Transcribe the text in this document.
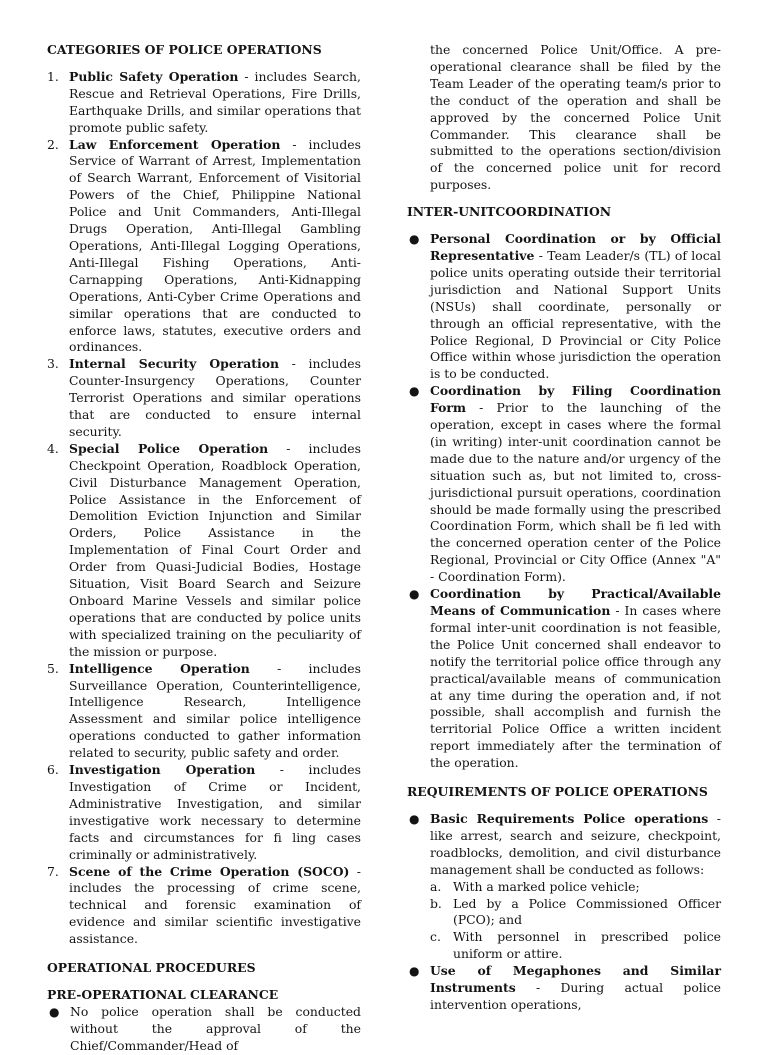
CATEGORIES OF POLICE OPERATIONS
1. Public Safety Operation - includes Search, Rescue and Retrieval Operations, Fire Drills, Earthquake Drills, and similar operations that promote public safety.
2. Law Enforcement Operation - includes Service of Warrant of Arrest, Implementation of Search Warrant, Enforcement of Visitorial Powers of the Chief, Philippine National Police and Unit Commanders, Anti-Illegal Drugs Operation, Anti-Illegal Gambling Operations, Anti-Illegal Logging Operations, Anti-Illegal Fishing Operations, Anti-Carnapping Operations, Anti-Kidnapping Operations, Anti-Cyber Crime Operations and similar operations that are conducted to enforce laws, statutes, executive orders and ordinances.
3. Internal Security Operation - includes Counter-Insurgency Operations, Counter Terrorist Operations and similar operations that are conducted to ensure internal security.
4. Special Police Operation - includes Checkpoint Operation, Roadblock Operation, Civil Disturbance Management Operation, Police Assistance in the Enforcement of Demolition Eviction Injunction and Similar Orders, Police Assistance in the Implementation of Final Court Order and Order from Quasi-Judicial Bodies, Hostage Situation, Visit Board Search and Seizure Onboard Marine Vessels and similar police operations that are conducted by police units with specialized training on the peculiarity of the mission or purpose.
5. Intelligence Operation - includes Surveillance Operation, Counterintelligence, Intelligence Research, Intelligence Assessment and similar police intelligence operations conducted to gather information related to security, public safety and order.
6. Investigation Operation - includes Investigation of Crime or Incident, Administrative Investigation, and similar investigative work necessary to determine facts and circumstances for fi ling cases criminally or administratively.
7. Scene of the Crime Operation (SOCO) - includes the processing of crime scene, technical and forensic examination of evidence and similar scientific investigative assistance.
OPERATIONAL PROCEDURES
PRE-OPERATIONAL CLEARANCE
● No police operation shall be conducted without the approval of the Chief/Commander/Head of

the concerned Police Unit/Office. A pre-operational clearance shall be filed by the Team Leader of the operating team/s prior to the conduct of the operation and shall be approved by the concerned Police Unit Commander. This clearance shall be submitted to the operations section/division of the concerned police unit for record purposes.

INTER-UNITCOORDINATION
● Personal Coordination or by Official Representative - Team Leader/s (TL) of local police units operating outside their territorial jurisdiction and National Support Units (NSUs) shall coordinate, personally or through an official representative, with the Police Regional, D Provincial or City Police Office within whose jurisdiction the operation is to be conducted.
● Coordination by Filing Coordination Form - Prior to the launching of the operation, except in cases where the formal (in writing) inter-unit coordination cannot be made due to the nature and/or urgency of the situation such as, but not limited to, cross-jurisdictional pursuit operations, coordination should be made formally using the prescribed Coordination Form, which shall be fi led with the concerned operation center of the Police Regional, Provincial or City Office (Annex "A" - Coordination Form).
● Coordination by Practical/Available Means of Communication - In cases where formal inter-unit coordination is not feasible, the Police Unit concerned shall endeavor to notify the territorial police office through any practical/available means of communication at any time during the operation and, if not possible, shall accomplish and furnish the territorial Police Office a written incident report immediately after the termination of the operation.
REQUIREMENTS OF POLICE OPERATIONS
● Basic Requirements Police operations - like arrest, search and seizure, checkpoint, roadblocks, demolition, and civil disturbance management shall be conducted as follows:
a. With a marked police vehicle;
b. Led by a Police Commissioned Officer (PCO); and
c. With personnel in prescribed police uniform or attire.
● Use of Megaphones and Similar Instruments - During actual police intervention operations,
